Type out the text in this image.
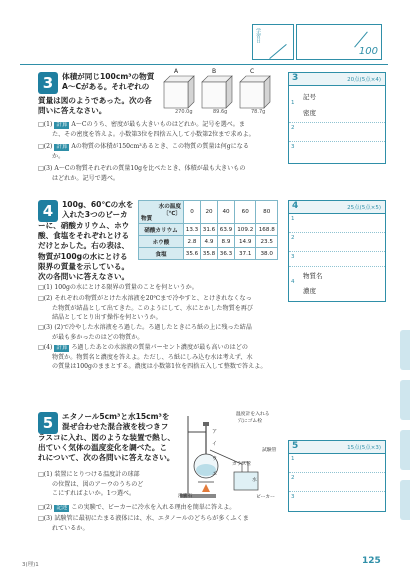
学習日
100
3	体積が同じ100cm³の物質
A～Cがある。それぞれの
質量は図のようであった。次の各
問いに答えなさい。
A	B	C
270.0g	89.6g	78.7g
□(1) 計算 A～Cのうち、密度が最も大きいものはどれか。記号を選べ。ま
た、その密度を答えよ。小数第3位を四捨五入して小数第2位まで求めよ。
□(2) 計算 Aの物質の体積が150cm³あるとき、この物質の質量は何gになる
か。
□(3) A～Cの物質それぞれの質量10gを比べたとき、体積が最も大きいもの
はどれか。記号で選べ。
3	20点(5点×4)
1
記号
密度
2
3
4	100g、60℃の水を
入れた3つのビーカ
ーに、硝酸カリウム、ホウ
酸、食塩をそれぞれとける
だけとかした。右の表は、
物質が100gの水にとける
限界の質量を示している。
次の各問いに答えなさい。
水の温度
〔℃〕
物質	0	20	40	60	80

硝酸カリウム	13.3	31.6	63.9	109.2	168.8
ホウ酸	2.8	4.9	8.9	14.9	23.5
食塩	35.6	35.8	36.3	37.1	38.0
□(1) 100gの水にとける限界の質量のことを何というか。
□(2) それぞれの物質がとけた水溶液を20℃まで冷やすと、とけきれなくなっ
た物質が結晶として出てきた。このようにして、水にとかした物質を再び
結晶としてとり出す操作を何というか。
□(3) (2)で冷やした水溶液をろ過した。ろ過したときにろ紙の上に残った結晶
が最も多かったのはどの物質か。
□(4) 計算 ろ過したあとの水溶液の質量パーセント濃度が最も高いのはどの
物質か。物質名と濃度を答えよ。ただし、ろ紙にしみ込む水は考えず、水
の質量は100gのままとする。濃度は小数第1位を四捨五入して整数で答えよ。
4	25点(5点×5)
1
2
3
4
物質名
濃度
5	エタノール5cm³と水15cm³を
混ぜ合わせた混合液を枝つきフ
ラスコに入れ、図のような装置で熱し、
出ていく気体の温度変化を調べた。こ
れについて、次の各問いに答えなさい。
温度計を入れる
穴にゴム栓
ア
イ
ウ
エ
試験管
ガラス管
水
ビーカー
沸騰石
□(1) 装置にとりつける温度計の球部
の位置は、図のア～ウのうちのど
こにすればよいか。1つ選べ。
□(2) 記述 この実験で、ビーカーに冷水を入れる理由を簡単に答えよ。
□(3) 試験管に最初にたまる液体には、水、エタノールのどちらが多くふくま
れているか。
5	15点(5点×3)
1
2
3
3(理)1	125
